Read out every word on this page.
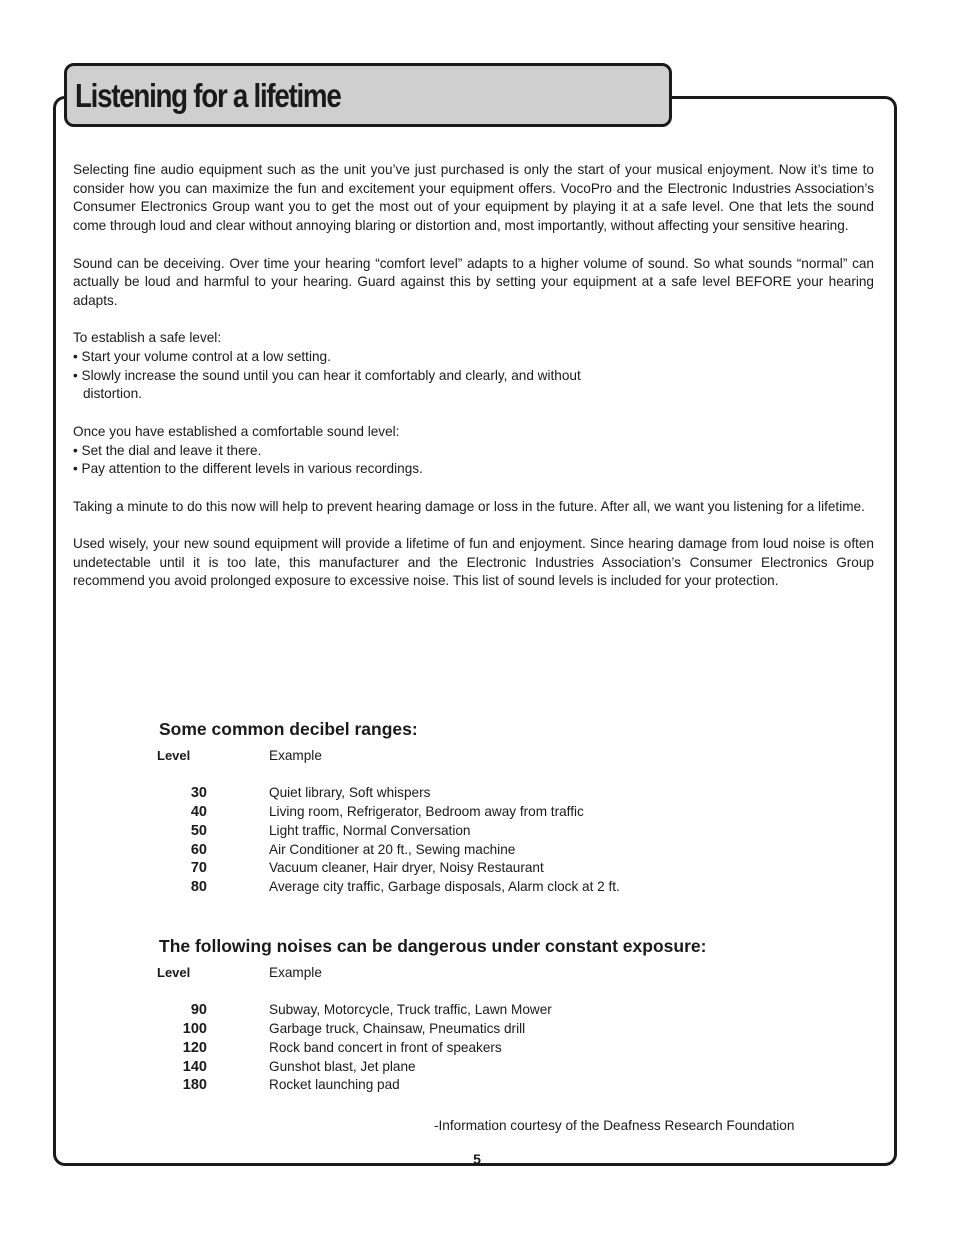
Listening for a lifetime

Selecting fine audio equipment such as the unit you’ve just purchased is only the start of your musical enjoyment. Now it’s time to consider how you can maximize the fun and excitement your equipment offers. VocoPro and the Electronic Industries Association’s Consumer Electronics Group want you to get the most out of your equipment by playing it at a safe level. One that lets the sound come through loud and clear without annoying blaring or distortion and, most importantly, without affecting your sensitive hearing.

Sound can be deceiving. Over time your hearing “comfort level” adapts to a higher volume of sound. So what sounds “normal” can actually be loud and harmful to your hearing. Guard against this by setting your equipment at a safe level BEFORE your hearing adapts.

To establish a safe level:
• Start your volume control at a low setting.
• Slowly increase the sound until you can hear it comfortably and clearly, and without
distortion.

Once you have established a comfortable sound level:
• Set the dial and leave it there.
• Pay attention to the different levels in various recordings.

Taking a minute to do this now will help to prevent hearing damage or loss in the future. After all, we want you listening for a lifetime.

Used wisely, your new sound equipment will provide a lifetime of fun and enjoyment. Since hearing damage from loud noise is often undetectable until it is too late, this manufacturer and the Electronic Industries Association’s Consumer Electronics Group recommend you avoid prolonged exposure to excessive noise. This list of sound levels is included for your protection.

Some common decibel ranges:
Level	Example
30	Quiet library, Soft whispers
40	Living room, Refrigerator, Bedroom away from traffic
50	Light traffic, Normal Conversation
60	Air Conditioner at 20 ft., Sewing machine
70	Vacuum cleaner, Hair dryer, Noisy Restaurant
80	Average city traffic, Garbage disposals, Alarm clock at 2 ft.
The following noises can be dangerous under constant exposure:
Level	Example
90	Subway, Motorcycle, Truck traffic, Lawn Mower
100	Garbage truck, Chainsaw, Pneumatics drill
120	Rock band concert in front of speakers
140	Gunshot blast, Jet plane
180	Rocket launching pad
-Information courtesy of the Deafness Research Foundation
5
